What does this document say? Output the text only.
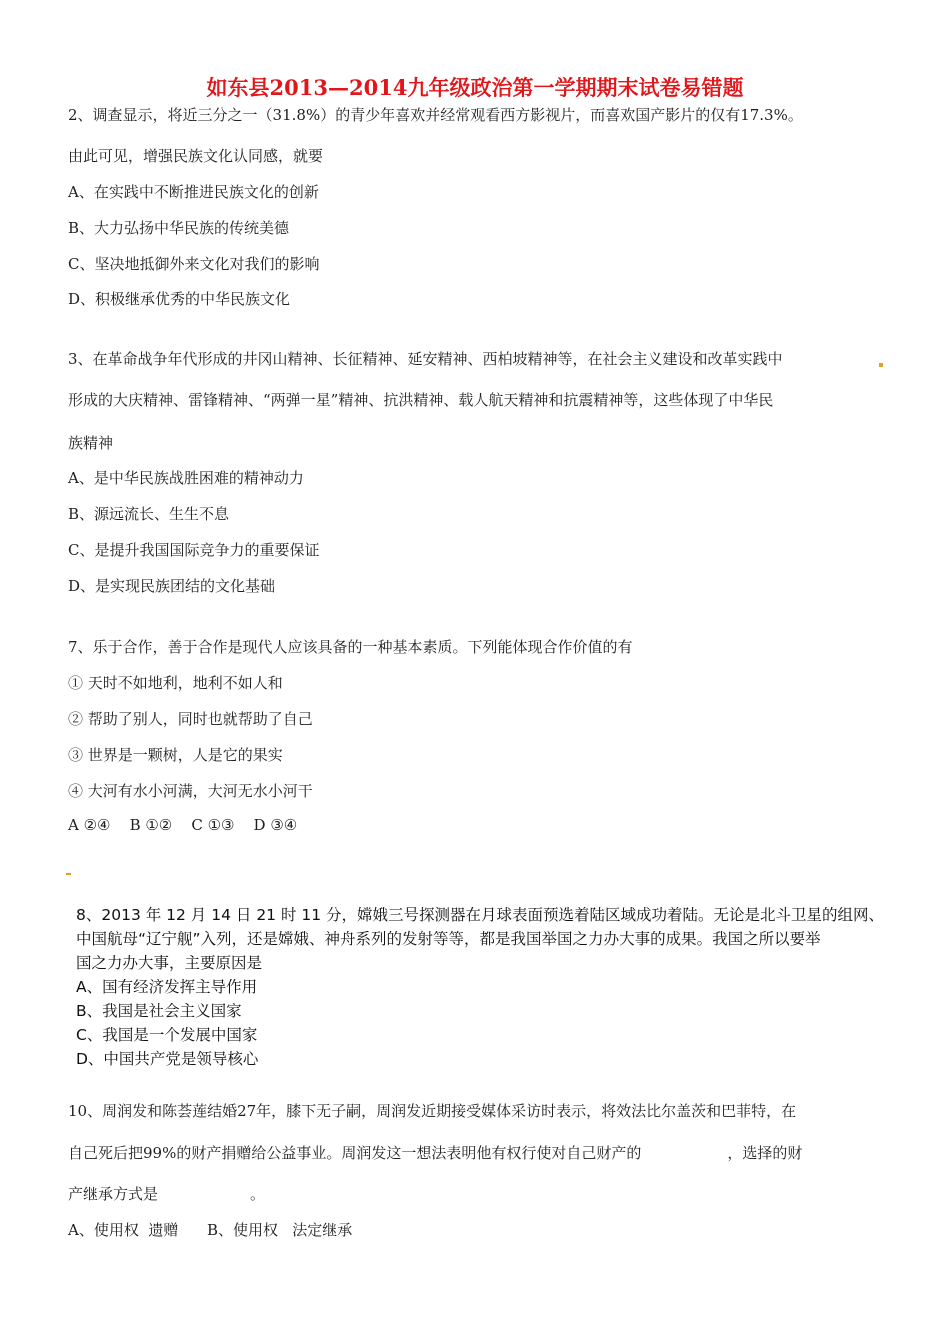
如东县2013—2014九年级政治第一学期期末试卷易错题
2、调查显示，将近三分之一（31.8%）的青少年喜欢并经常观看西方影视片，而喜欢国产影片的仅有17.3%。
由此可见，增强民族文化认同感，就要
A、在实践中不断推进民族文化的创新
B、大力弘扬中华民族的传统美德
C、坚决地抵御外来文化对我们的影响
D、积极继承优秀的中华民族文化
3、在革命战争年代形成的井冈山精神、长征精神、延安精神、西柏坡精神等，在社会主义建设和改革实践中
形成的大庆精神、雷锋精神、“两弹一星”精神、抗洪精神、载人航天精神和抗震精神等，这些体现了中华民
族精神
A、是中华民族战胜困难的精神动力
B、源远流长、生生不息
C、是提升我国国际竞争力的重要保证
D、是实现民族团结的文化基础
7、乐于合作，善于合作是现代人应该具备的一种基本素质。下列能体现合作价值的有
① 天时不如地利，地利不如人和
② 帮助了别人，同时也就帮助了自己
③ 世界是一颗树，人是它的果实
④ 大河有水小河满，大河无水小河干
A ②④    B ①②    C ①③    D ③④
8、2013 年 12 月 14 日 21 时 11 分，嫦娥三号探测器在月球表面预选着陆区域成功着陆。无论是北斗卫星的组网、
中国航母“辽宁舰”入列，还是嫦娥、神舟系列的发射等等，都是我国举国之力办大事的成果。我国之所以要举
国之力办大事，主要原因是
A、国有经济发挥主导作用
B、我国是社会主义国家
C、我国是一个发展中国家
D、中国共产党是领导核心
10、周润发和陈荟莲结婚27年，膝下无子嗣，周润发近期接受媒体采访时表示，将效法比尔盖茨和巴菲特，在
自己死后把99%的财产捐赠给公益事业。周润发这一想法表明他有权行使对自己财产的	，选择的财
产继承方式是	。
A、使用权  遗赠      B、使用权   法定继承
